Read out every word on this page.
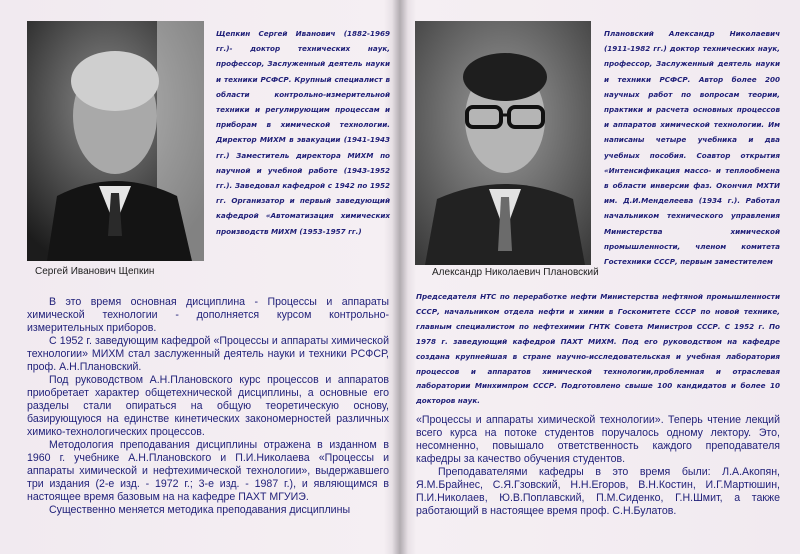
Сергей Иванович Щепкин
Щепкин Сергей Иванович (1882-1969 гг.)- доктор технических наук, профессор, Заслуженный деятель науки и техники РСФСР. Крупный специалист в области контрольно-измерительной техники и регулирующим процессам и приборам в химической технологии. Директор МИХМ в эвакуации (1941-1943 гг.) Заместитель директора МИХМ по научной и учебной работе (1943-1952 гг.). Заведовал кафедрой с 1942 по 1952 гг. Организатор и первый заведующий кафедрой «Автоматизация химических производств МИХМ (1953-1957 гг.)

В это время основная дисциплина - Процессы и аппараты химической технологии - дополняется курсом контрольно-измерительных приборов.

С 1952 г. заведующим кафедрой «Процессы и аппараты химической технологии» МИХМ стал заслуженный деятель науки и техники РСФСР, проф. А.Н.Плановский.

Под руководством А.Н.Плановского курс процессов и аппаратов приобретает характер общетехнической дисциплины, а основные его разделы стали опираться на общую теоретическую основу, базирующуюся на единстве кинетических закономерностей различных химико-технологических процессов.

Методология преподавания дисциплины отражена в изданном в 1960 г. учебнике А.Н.Плановского и П.И.Николаева «Процессы и аппараты химической и нефтехимической технологии», выдержавшего три издания (2-е изд. - 1972 г.; 3-е изд. - 1987 г.), и являющимся в настоящее время базовым на на кафедре ПАХТ МГУИЭ.

Существенно меняется методика преподавания дисциплины

Александр Николаевич Плановский
Плановский Александр Николаевич (1911-1982 гг.) доктор технических наук, профессор, Заслуженный деятель науки и техники РСФСР. Автор более 200 научных работ по вопросам теории, практики и расчета основных процессов и аппаратов химической технологии. Им написаны четыре учебника и два учебных пособия. Соавтор открытия «Интенсификация массо- и теплообмена в области инверсии фаз. Окончил МХТИ им. Д.И.Менделеева (1934 г.). Работал начальником технического управления Министерства химической промышленности, членом комитета Гостехники СССР, первым заместителем
Председателя НТС по переработке нефти Министерства нефтяной промышленности СССР, начальником отдела нефти и химии в Госкомитете СССР по новой технике, главным специалистом по нефтехимии ГНТК Совета Министров СССР. С 1952 г. По 1978 г. заведующий кафедрой ПАХТ МИХМ. Под его руководством на кафедре создана крупнейшая в стране научно-исследовательская и учебная лаборатория процессов и аппаратов химической технологии,проблемная и отраслевая лаборатории Минхимпром СССР. Подготовлено свыше 100 кандидатов и более 10 докторов наук.

«Процессы и аппараты химической технологии». Теперь чтение лекций всего курса на потоке студентов поручалось одному лектору. Это, несомненно, повышало ответственность каждого преподавателя кафедры за качество обучения студентов.

Преподавателями кафедры в это время были: Л.А.Акопян, Я.М.Брайнес, С.Я.Гзовский, Н.Н.Егоров, В.Н.Костин, И.Г.Мартюшин, П.И.Николаев, Ю.В.Пoплавский, П.М.Сиденко, Г.Н.Шмит, а также работающий в настоящее время проф. С.Н.Булатов.
